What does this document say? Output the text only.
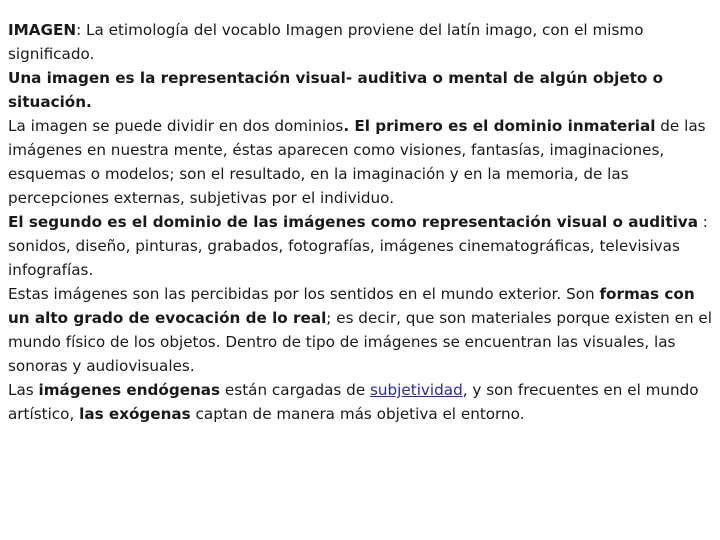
IMAGEN: La etimología del vocablo Imagen proviene del latín imago, con el mismo
significado.
Una imagen es la representación visual- auditiva o mental de algún objeto o
situación.
La imagen se puede dividir en dos dominios. El primero es el dominio inmaterial de las
imágenes en nuestra mente, éstas aparecen como visiones, fantasías, imaginaciones,
esquemas o modelos; son el resultado, en la imaginación y en la memoria, de las
percepciones externas, subjetivas por el individuo.
El segundo es el dominio de las imágenes como representación visual o auditiva :
sonidos, diseño, pinturas, grabados, fotografías, imágenes cinematográficas, televisivas
infografías.
Estas imágenes son las percibidas por los sentidos en el mundo exterior. Son formas con
un alto grado de evocación de lo real; es decir, que son materiales porque existen en el
mundo físico de los objetos. Dentro de tipo de imágenes se encuentran las visuales, las
sonoras y audiovisuales.
Las imágenes endógenas están cargadas de subjetividad, y son frecuentes en el mundo
artístico, las exógenas captan de manera más objetiva el entorno.
